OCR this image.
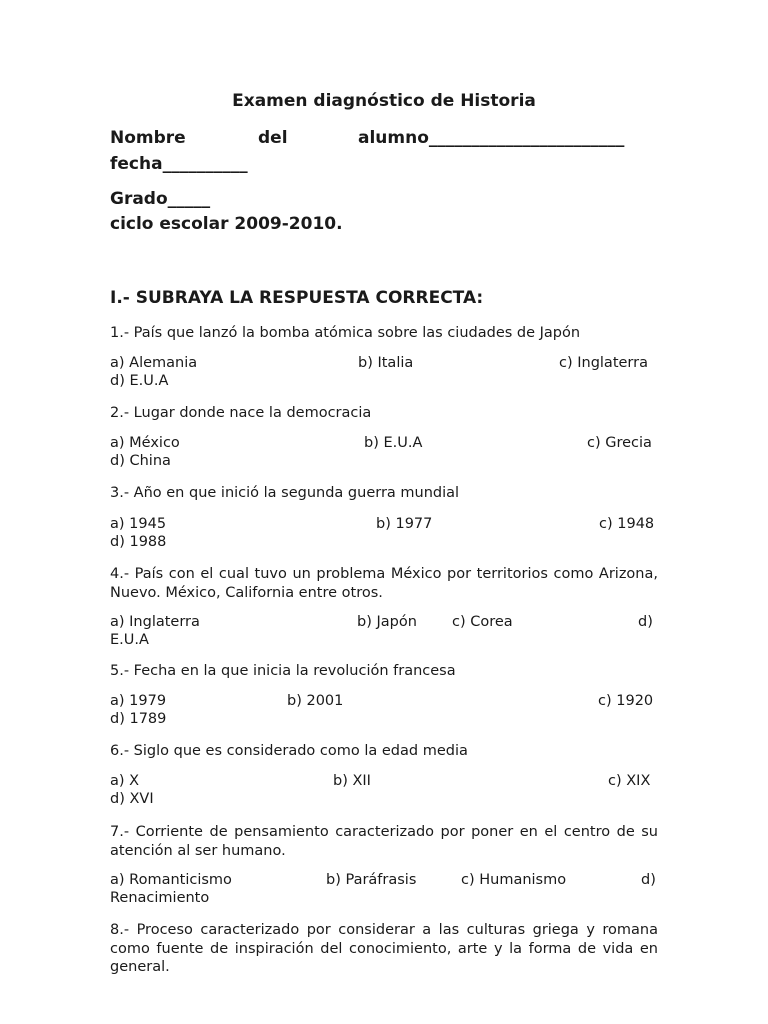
Examen diagnóstico de Historia
Nombre	del	alumno_______________________
fecha__________
Grado_____
ciclo escolar 2009-2010.
I.- SUBRAYA LA RESPUESTA CORRECTA:
1.- País que lanzó la bomba atómica sobre las ciudades de Japón
a) Alemania	b) Italia	c) Inglaterra
d) E.U.A
2.- Lugar donde nace la democracia
a) México	b) E.U.A	c) Grecia
d) China
3.- Año en que inició la segunda guerra mundial
a) 1945	b) 1977	c) 1948
d) 1988
4.- País con el cual tuvo un problema México por territorios como Arizona, Nuevo. México, California entre otros.
a) Inglaterra	b) Japón c) Corea	d)
E.U.A
5.- Fecha en la que inicia la revolución francesa
a) 1979	b) 2001	c) 1920
d) 1789
6.- Siglo que es considerado como la edad media
a) X	b) XII	c) XIX
d) XVI
7.- Corriente de pensamiento caracterizado por poner en el centro de su atención al ser humano.
a) Romanticismo	b) Paráfrasis	c) Humanismo	d)
Renacimiento
8.- Proceso caracterizado por considerar a las culturas griega y romana como fuente de inspiración del conocimiento, arte y la forma de vida en general.
